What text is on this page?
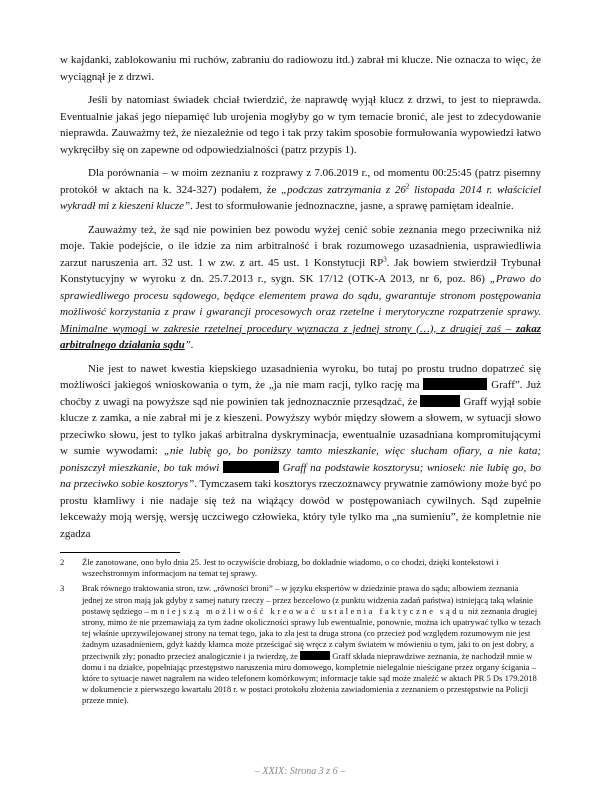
w kajdanki, zablokowaniu mi ruchów, zabraniu do radiowozu itd.) zabrał mi klucze. Nie oznacza to więc, że wyciągnął je z drzwi.

Jeśli by natomiast świadek chciał twierdzić, że naprawdę wyjął klucz z drzwi, to jest to nieprawda. Eventualnie jakaś jego niepamięć lub urojenia mogłyby go w tym temacie bronić, ale jest to zdecydowanie nieprawda. Zauważmy też, że niezależnie od tego i tak przy takim sposobie formułowania wypowiedzi łatwo wykręciłby się on zapewne od odpowiedzialności (patrz przypis 1).

Dla porównania – w moim zeznaniu z rozprawy z 7.06.2019 r., od momentu 00:25:45 (patrz pisemny protokół w aktach na k. 324-327) podałem, że „podczas zatrzymania z $26^2$ listopada 2014 r. właściciel wykradł mi z kieszeni klucze”. Jest to sformułowanie jednoznaczne, jasne, a sprawę pamiętam idealnie.

Zauważmy też, że sąd nie powinien bez powodu wyżej cenić sobie zeznania mego przeciwnika niż moje. Takie podejście, o ile idzie za nim arbitralność i brak rozumowego uzasadnienia, usprawiedliwia zarzut naruszenia art. 32 ust. 1 w zw. z art. 45 ust. 1 Konstytucji $RP^3$. Jak bowiem stwierdził Trybunał Konstytucyjny w wyroku z dn. 25.7.2013 r., sygn. SK 17/12 (OTK-A 2013, nr 6, poz. 86) „Prawo do sprawiedliwego procesu sądowego, będące elementem prawa do sądu, gwarantuje stronom postępowania możliwość korzystania z praw i gwarancji procesowych oraz rzetelne i merytoryczne rozpatrzenie sprawy. Minimalne wymogi w zakresie rzetelnej procedury wyznacza z jednej strony (…), z drugiej zaś – zakaz arbitralnego działania sądu”.

Nie jest to nawet kwestia kiepskiego uzasadnienia wyroku, bo tutaj po prostu trudno dopatrzeć się możliwości jakiegoś wnioskowania o tym, że „ja nie mam racji, tylko rację ma	Graff”. Już choćby z uwagi na powyższe sąd nie powinien tak jednoznacznie przesądzać, że	Graff wyjął sobie klucze z zamka, a nie zabrał mi je z kieszeni. Powyższy wybór między słowem a słowem, w sytuacji słowo przeciwko słowu, jest to tylko jakaś arbitralna dyskryminacja, ewentualnie uzasadniana kompromitującymi w sumie wywodami: „nie lubię go, bo poniższy tamto mieszkanie, więc słucham ofiary, a nie kata; poniszczył mieszkanie, bo tak mówi	Graff na podstawie kosztorysu; wniosek: nie lubię go, bo na przeciwko sobie kosztorys”. Tymczasem taki kosztorys rzeczoznawcy prywatnie zamówiony może być po prostu kłamliwy i nie nadaje się też na wiążący dowód w postępowaniach cywilnych. Sąd zupełnie lekceważy moją wersję, wersję uczciwego człowieka, który tyle tylko ma „na sumieniu”, że kompletnie nie zgadza

2	Źle zanotowane, ono było dnia 25. Jest to oczywiście drobiazg, bo dokładnie wiadomo, o co chodzi, dzięki kontekstowi i wszechstronnym informacjom na temat tej sprawy.
3	Brak równego traktowania stron, tzw. „równości broni” – w języku ekspertów w dziedzinie prawa do sądu; albowiem zeznania jednej ze stron mają jak gdyby z samej natury rzeczy – przez bezcelowo (z punktu widzenia zadań państwa) istniejącą taką właśnie postawę sędziego – mniejszą możliwość kreować ustalenia faktyczne sądu niż zeznania drugiej strony, mimo że nie przemawiają za tym żadne okoliczności sprawy lub ewentualnie, ponownie, można ich upatrywać tylko w tezach tej właśnie uprzywilejowanej strony na temat tego, jaka to zła jest ta druga strona (co przecież pod względem rozumowym nie jest żadnym uzasadnieniem, gdyż każdy kłamca może prześcigać się wręcz z całym światem w mówieniu o tym, jaki to on jest dobry, a przeciwnik zły; ponadto przecież analogicznie i ja twierdzę, że	Graff składa nieprawdziwe zeznania, że nachodził mnie w domu i na działce, popełniając przestępstwo naruszenia miru domowego, kompletnie nielegalnie nieścigane przez organy ścigania – które to sytuacje nawet nagrałem na wideo telefonem komórkowym; informacje takie sąd może znaleźć w aktach PR 5 Ds 179.2018 w dokumencie z pierwszego kwartału 2018 r. w postaci protokołu złożenia zawiadomienia z zeznaniem o przestępstwie na Policji przeze mnie).
– XXIX: Strona 3 z 6 –
